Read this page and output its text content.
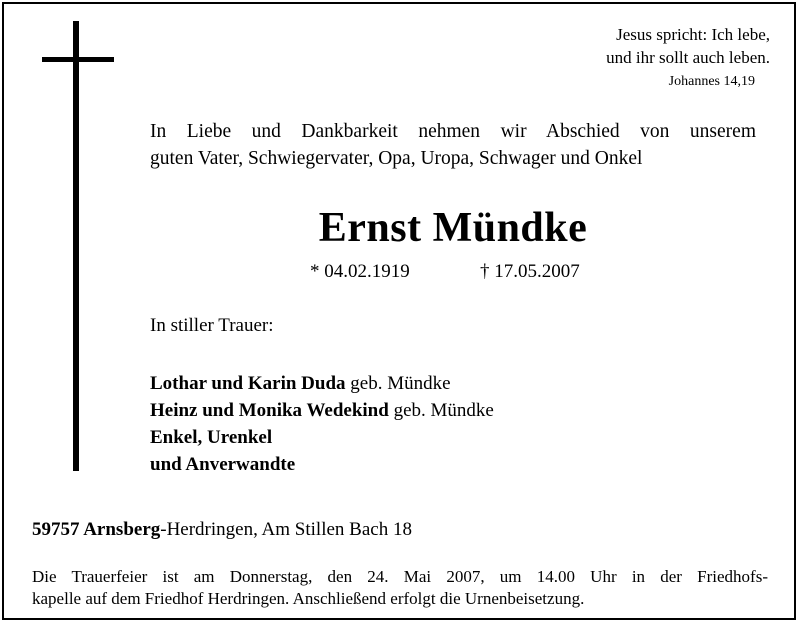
Jesus spricht: Ich lebe,
und ihr sollt auch leben.
Johannes 14,19
In Liebe und Dankbarkeit nehmen wir Abschied von unserem
guten Vater, Schwiegervater, Opa, Uropa, Schwager und Onkel
Ernst Mündke
* 04.02.1919	† 17.05.2007
In stiller Trauer:
Lothar und Karin Duda geb. Mündke
Heinz und Monika Wedekind geb. Mündke
Enkel, Urenkel
und Anverwandte
59757 Arnsberg-Herdringen, Am Stillen Bach 18
Die Trauerfeier ist am Donnerstag, den 24. Mai 2007, um 14.00 Uhr in der Friedhofs-
kapelle auf dem Friedhof Herdringen. Anschließend erfolgt die Urnenbeisetzung.
